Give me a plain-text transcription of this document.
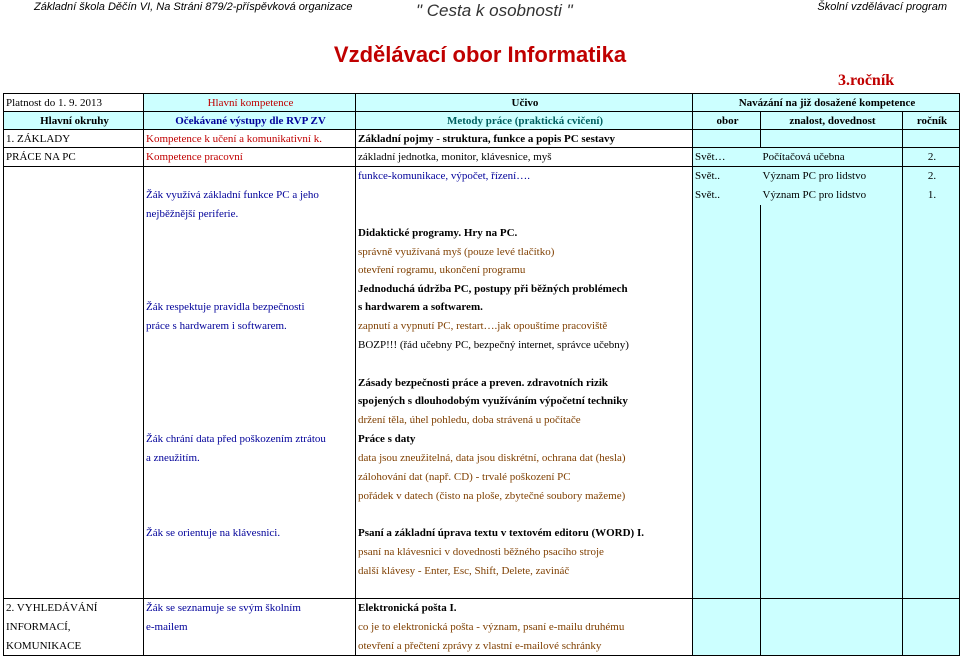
Základní škola Děčín VI, Na Stráni 879/2-příspěvková organizace	" Cesta k osobnosti "	Školní vzdělávací program
Vzdělávací obor Informatika
3.ročník
Platnost do 1. 9. 2013	Hlavní kompetence	Učivo	Navázání na již dosažené kompetence		
Hlavní okruhy	Očekávané výstupy dle RVP ZV	Metody práce (praktická cvičení)	obor	znalost, dovednost	ročník
1. ZÁKLADY	Kompetence k učení a komunikativní k.	Základní pojmy - struktura, funkce a popis PC sestavy			
PRÁCE NA PC	Kompetence pracovní	základní jednotka, monitor, klávesnice, myš	Svět…	Počítačová učebna	2.
		funkce-komunikace, výpočet, řízení….	Svět..	Význam PC pro lidstvo	2.
	Žák využívá základní funkce PC a jeho		Svět..	Význam PC pro lidstvo	1.
	nejběžnější periferie.				
		Didaktické programy. Hry na PC.			
		správně využívaná myš (pouze levé tlačítko)			
		otevření rogramu, ukončení programu			
		Jednoduchá údržba PC, postupy při běžných problémech			
	Žák respektuje pravidla bezpečnosti	s hardwarem a softwarem.			
	práce s hardwarem i softwarem.	zapnutí a vypnutí PC, restart….jak opouštíme pracoviště			
		BOZP!!! (řád učebny PC, bezpečný internet, správce učebny)			

		Zásady bezpečnosti práce a preven. zdravotních rizik			
		spojených s dlouhodobým využíváním výpočetní techniky			
		držení těla, úhel pohledu, doba strávená u počítače			
	Žák chrání data před poškozením ztrátou	Práce s daty			
	a zneužitím.	data jsou zneužitelná, data jsou diskrétní, ochrana dat (hesla)			
		zálohování dat (např. CD) - trvalé poškození PC			
		pořádek v datech (čisto na ploše, zbytečné soubory mažeme)			

	Žák se orientuje na klávesnici.	Psaní a základní úprava textu v textovém editoru (WORD) I.			
		psaní na klávesnici v dovednosti běžného psacího stroje			
		další klávesy - Enter, Esc, Shift, Delete, zavináč			

2. VYHLEDÁVÁNÍ	Žák se seznamuje se svým školním	Elektronická pošta I.			
INFORMACÍ,	e-mailem	co je to elektronická pošta - význam, psaní e-mailu druhému			
KOMUNIKACE		otevření a přečtení zprávy z vlastní e-mailové schránky			
